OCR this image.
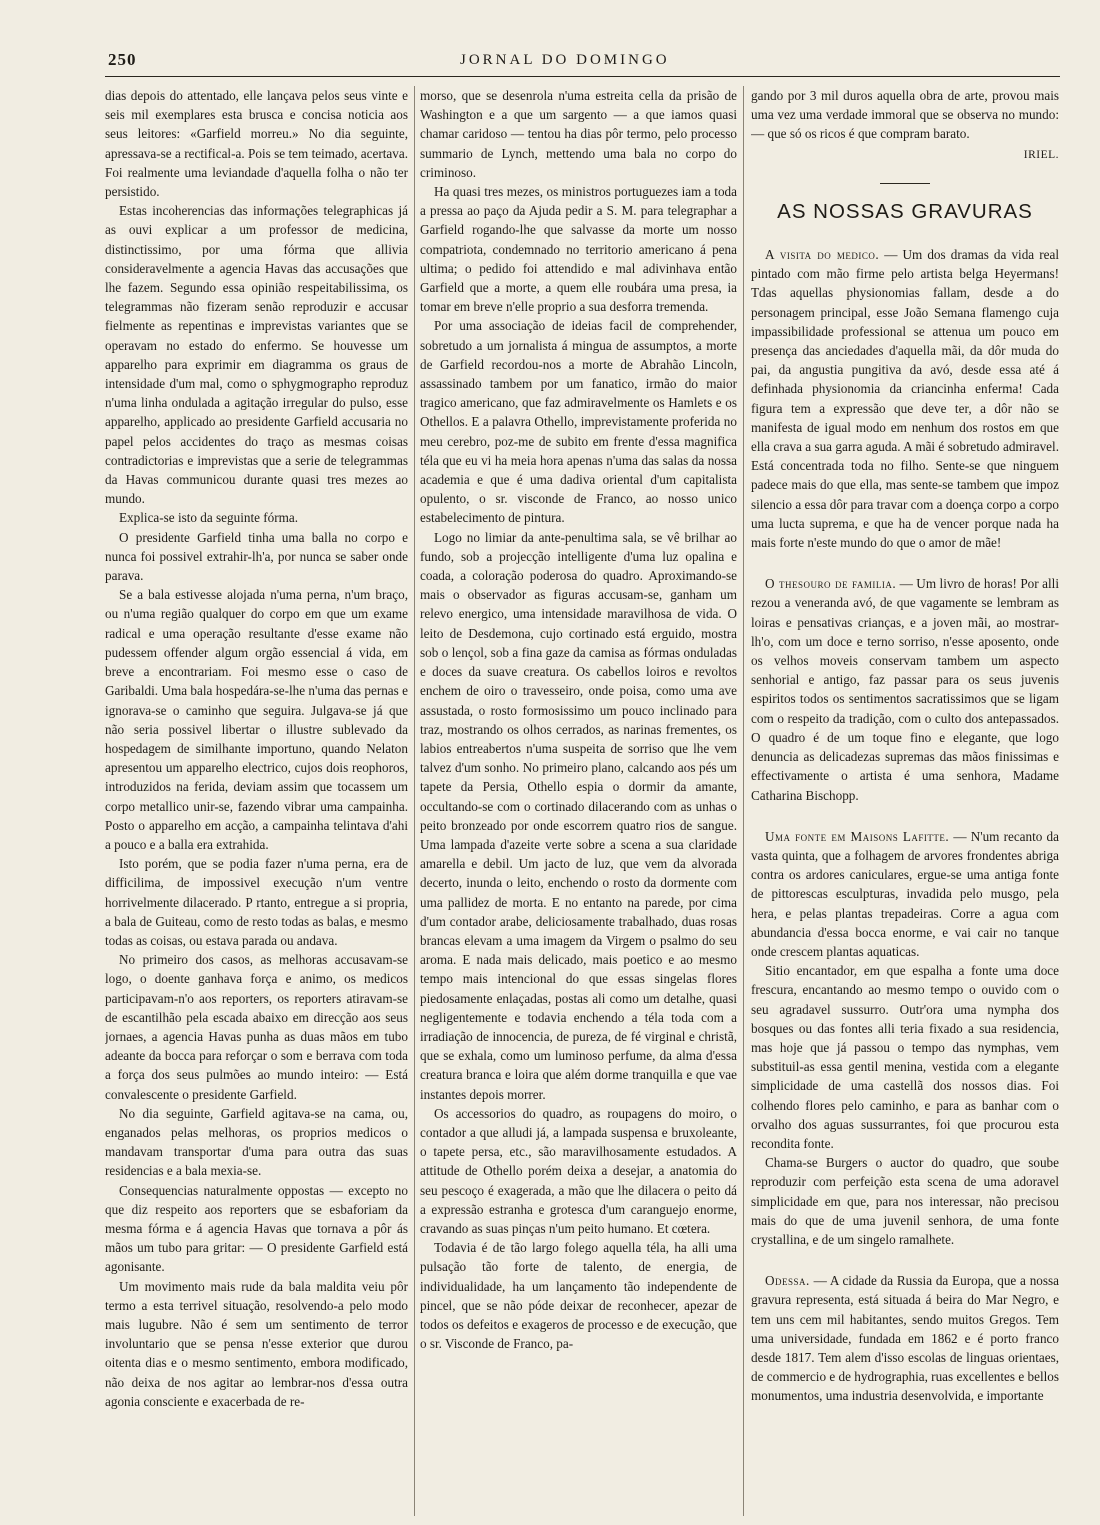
250	JORNAL DO DOMINGO

dias depois do attentado, elle lançava pelos seus vinte e seis mil exemplares esta brusca e concisa noticia aos seus leitores: «Garfield morreu.» No dia seguinte, apressava-se a rectifical-a. Pois se tem teimado, acertava. Foi realmente uma leviandade d'aquella folha o não ter persistido.

Estas incoherencias das informações telegraphicas já as ouvi explicar a um professor de medicina, distinctissimo, por uma fórma que allivia consideravelmente a agencia Havas das accusações que lhe fazem. Segundo essa opinião respeitabilissima, os telegrammas não fizeram senão reproduzir e accusar fielmente as repentinas e imprevistas variantes que se operavam no estado do enfermo. Se houvesse um apparelho para exprimir em diagramma os graus de intensidade d'um mal, como o sphygmographo reproduz n'uma linha ondulada a agitação irregular do pulso, esse apparelho, applicado ao presidente Garfield accusaria no papel pelos accidentes do traço as mesmas coisas contradictorias e imprevistas que a serie de telegrammas da Havas communicou durante quasi tres mezes ao mundo.

Explica-se isto da seguinte fórma.

O presidente Garfield tinha uma balla no corpo e nunca foi possivel extrahir-lh'a, por nunca se saber onde parava.

Se a bala estivesse alojada n'uma perna, n'um braço, ou n'uma região qualquer do corpo em que um exame radical e uma operação resultante d'esse exame não pudessem offender algum orgão essencial á vida, em breve a encontrariam. Foi mesmo esse o caso de Garibaldi. Uma bala hospedára-se-lhe n'uma das pernas e ignorava-se o caminho que seguira. Julgava-se já que não seria possivel libertar o illustre sublevado da hospedagem de similhante importuno, quando Nelaton apresentou um apparelho electrico, cujos dois reophoros, introduzidos na ferida, deviam assim que tocassem um corpo metallico unir-se, fazendo vibrar uma campainha. Posto o apparelho em acção, a campainha telintava d'ahi a pouco e a balla era extrahida.

Isto porém, que se podia fazer n'uma perna, era de difficilima, de impossivel execução n'um ventre horrivelmente dilacerado. P rtanto, entregue a si propria, a bala de Guiteau, como de resto todas as balas, e mesmo todas as coisas, ou estava parada ou andava.

No primeiro dos casos, as melhoras accusavam-se logo, o doente ganhava força e animo, os medicos participavam-n'o aos reporters, os reporters atiravam-se de escantilhão pela escada abaixo em direcção aos seus jornaes, a agencia Havas punha as duas mãos em tubo adeante da bocca para reforçar o som e berrava com toda a força dos seus pulmões ao mundo inteiro: — Está convalescente o presidente Garfield.

No dia seguinte, Garfield agitava-se na cama, ou, enganados pelas melhoras, os proprios medicos o mandavam transportar d'uma para outra das suas residencias e a bala mexia-se.

Consequencias naturalmente oppostas — excepto no que diz respeito aos reporters que se esbaforiam da mesma fórma e á agencia Havas que tornava a pôr ás mãos um tubo para gritar: — O presidente Garfield está agonisante.

Um movimento mais rude da bala maldita veiu pôr termo a esta terrivel situação, resolvendo-a pelo modo mais lugubre. Não é sem um sentimento de terror involuntario que se pensa n'esse exterior que durou oitenta dias e o mesmo sentimento, embora modificado, não deixa de nos agitar ao lembrar-nos d'essa outra agonia consciente e exacerbada de re-

morso, que se desenrola n'uma estreita cella da prisão de Washington e a que um sargento — a que iamos quasi chamar caridoso — tentou ha dias pôr termo, pelo processo summario de Lynch, mettendo uma bala no corpo do criminoso.

Ha quasi tres mezes, os ministros portuguezes iam a toda a pressa ao paço da Ajuda pedir a S. M. para telegraphar a Garfield rogando-lhe que salvasse da morte um nosso compatriota, condemnado no territorio americano á pena ultima; o pedido foi attendido e mal adivinhava então Garfield que a morte, a quem elle roubára uma presa, ia tomar em breve n'elle proprio a sua desforra tremenda.

Por uma associação de ideias facil de comprehender, sobretudo a um jornalista á mingua de assumptos, a morte de Garfield recordou-nos a morte de Abrahão Lincoln, assassinado tambem por um fanatico, irmão do maior tragico americano, que faz admiravelmente os Hamlets e os Othellos. E a palavra Othello, imprevistamente proferida no meu cerebro, poz-me de subito em frente d'essa magnifica téla que eu vi ha meia hora apenas n'uma das salas da nossa academia e que é uma dadiva oriental d'um capitalista opulento, o sr. visconde de Franco, ao nosso unico estabelecimento de pintura.

Logo no limiar da ante-penultima sala, se vê brilhar ao fundo, sob a projecção intelligente d'uma luz opalina e coada, a coloração poderosa do quadro. Aproximando-se mais o observador as figuras accusam-se, ganham um relevo energico, uma intensidade maravilhosa de vida. O leito de Desdemona, cujo cortinado está erguido, mostra sob o lençol, sob a fina gaze da camisa as fórmas onduladas e doces da suave creatura. Os cabellos loiros e revoltos enchem de oiro o travesseiro, onde poisa, como uma ave assustada, o rosto formosissimo um pouco inclinado para traz, mostrando os olhos cerrados, as narinas frementes, os labios entreabertos n'uma suspeita de sorriso que lhe vem talvez d'um sonho. No primeiro plano, calcando aos pés um tapete da Persia, Othello espia o dormir da amante, occultando-se com o cortinado dilacerando com as unhas o peito bronzeado por onde escorrem quatro rios de sangue. Uma lampada d'azeite verte sobre a scena a sua claridade amarella e debil. Um jacto de luz, que vem da alvorada decerto, inunda o leito, enchendo o rosto da dormente com uma pallidez de morta. E no entanto na parede, por cima d'um contador arabe, deliciosamente trabalhado, duas rosas brancas elevam a uma imagem da Virgem o psalmo do seu aroma. E nada mais delicado, mais poetico e ao mesmo tempo mais intencional do que essas singelas flores piedosamente enlaçadas, postas ali como um detalhe, quasi negligentemente e todavia enchendo a téla toda com a irradiação de innocencia, de pureza, de fé virginal e christã, que se exhala, como um luminoso perfume, da alma d'essa creatura branca e loira que além dorme tranquilla e que vae instantes depois morrer.

Os accessorios do quadro, as roupagens do moiro, o contador a que alludi já, a lampada suspensa e bruxoleante, o tapete persa, etc., são maravilhosamente estudados. A attitude de Othello porém deixa a desejar, a anatomia do seu pescoço é exagerada, a mão que lhe dilacera o peito dá a expressão estranha e grotesca d'um caranguejo enorme, cravando as suas pinças n'um peito humano. Et cœtera.

Todavia é de tão largo folego aquella téla, ha alli uma pulsação tão forte de talento, de energia, de individualidade, ha um lançamento tão independente de pincel, que se não póde deixar de reconhecer, apezar de todos os defeitos e exageros de processo e de execução, que o sr. Visconde de Franco, pa-

gando por 3 mil duros aquella obra de arte, provou mais uma vez uma verdade immoral que se observa no mundo: — que só os ricos é que compram barato.

IRIEL.
AS NOSSAS GRAVURAS

A visita do medico. — Um dos dramas da vida real pintado com mão firme pelo artista belga Heyermans! Tdas aquellas physionomias fallam, desde a do personagem principal, esse João Semana flamengo cuja impassibilidade professional se attenua um pouco em presença das anciedades d'aquella mãi, da dôr muda do pai, da angustia pungitiva da avó, desde essa até á definhada physionomia da criancinha enferma! Cada figura tem a expressão que deve ter, a dôr não se manifesta de igual modo em nenhum dos rostos em que ella crava a sua garra aguda. A mãi é sobretudo admiravel. Está concentrada toda no filho. Sente-se que ninguem padece mais do que ella, mas sente-se tambem que impoz silencio a essa dôr para travar com a doença corpo a corpo uma lucta suprema, e que ha de vencer porque nada ha mais forte n'este mundo do que o amor de mãe!

O thesouro de familia. — Um livro de horas! Por alli rezou a veneranda avó, de que vagamente se lembram as loiras e pensativas crianças, e a joven mãi, ao mostrar-lh'o, com um doce e terno sorriso, n'esse aposento, onde os velhos moveis conservam tambem um aspecto senhorial e antigo, faz passar para os seus juvenis espiritos todos os sentimentos sacratissimos que se ligam com o respeito da tradição, com o culto dos antepassados. O quadro é de um toque fino e elegante, que logo denuncia as delicadezas supremas das mãos finissimas e effectivamente o artista é uma senhora, Madame Catharina Bischopp.

Uma fonte em Maisons Lafitte. — N'um recanto da vasta quinta, que a folhagem de arvores frondentes abriga contra os ardores caniculares, ergue-se uma antiga fonte de pittorescas esculpturas, invadida pelo musgo, pela hera, e pelas plantas trepadeiras. Corre a agua com abundancia d'essa bocca enorme, e vai cair no tanque onde crescem plantas aquaticas.

Sitio encantador, em que espalha a fonte uma doce frescura, encantando ao mesmo tempo o ouvido com o seu agradavel sussurro. Outr'ora uma nympha dos bosques ou das fontes alli teria fixado a sua residencia, mas hoje que já passou o tempo das nymphas, vem substituil-as essa gentil menina, vestida com a elegante simplicidade de uma castellã dos nossos dias. Foi colhendo flores pelo caminho, e para as banhar com o orvalho dos aguas sussurrantes, foi que procurou esta recondita fonte.

Chama-se Burgers o auctor do quadro, que soube reproduzir com perfeição esta scena de uma adoravel simplicidade em que, para nos interessar, não precisou mais do que de uma juvenil senhora, de uma fonte crystallina, e de um singelo ramalhete.

Odessa. — A cidade da Russia da Europa, que a nossa gravura representa, está situada á beira do Mar Negro, e tem uns cem mil habitantes, sendo muitos Gregos. Tem uma universidade, fundada em 1862 e é porto franco desde 1817. Tem alem d'isso escolas de linguas orientaes, de commercio e de hydrographia, ruas excellentes e bellos monumentos, uma industria desenvolvida, e importante
